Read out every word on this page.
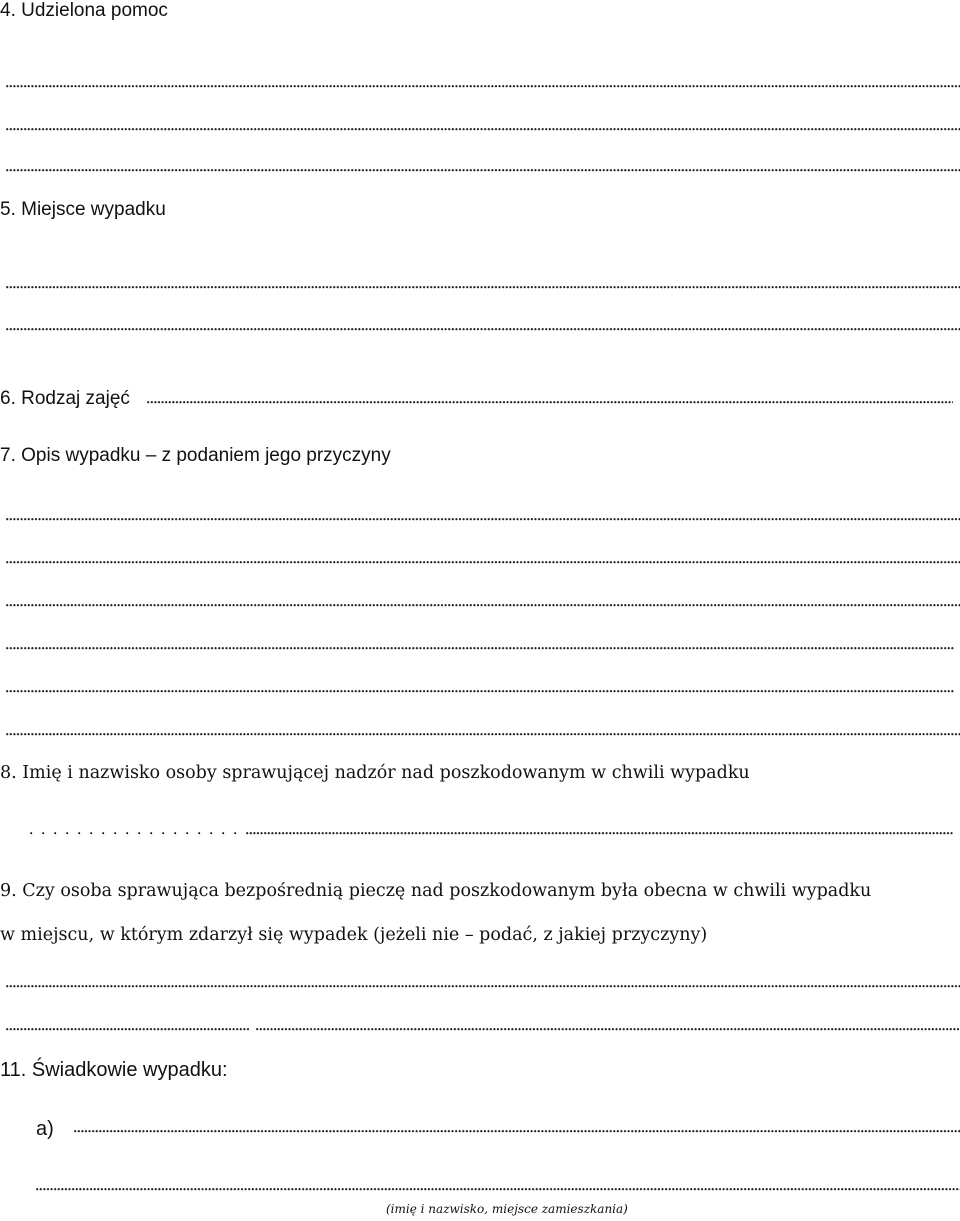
4. Udzielona pomoc
5. Miejsce wypadku
6. Rodzaj zajęć
7. Opis wypadku – z podaniem jego przyczyny
8. Imię i nazwisko osoby sprawującej nadzór nad poszkodowanym w chwili wypadku
9. Czy osoba sprawująca bezpośrednią pieczę nad poszkodowanym była obecna w chwili wypadku
w miejscu, w którym zdarzył się wypadek (jeżeli nie – podać, z jakiej przyczyny)
11. Świadkowie wypadku:
a)
(imię i nazwisko, miejsce zamieszkania)
